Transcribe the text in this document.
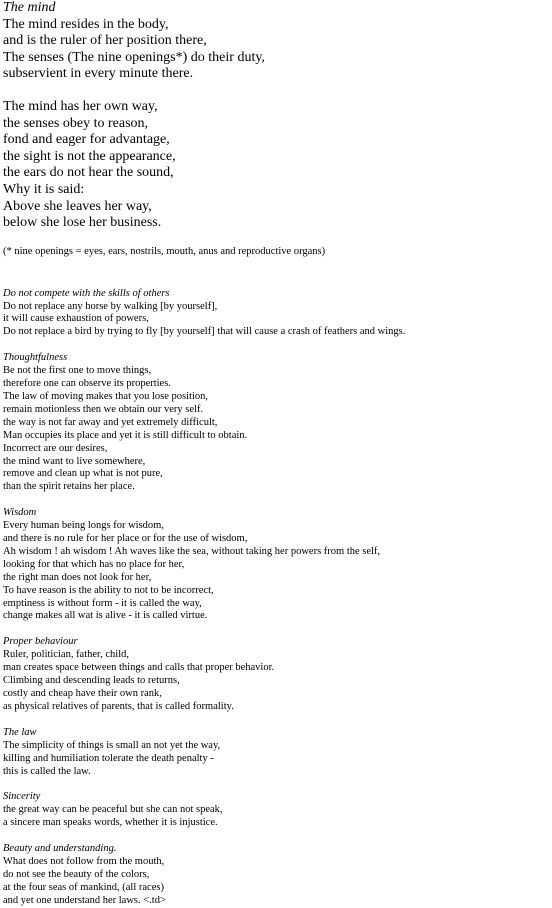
The mind
The mind resides in the body,
and is the ruler of her position there,
The senses (The nine openings*) do their duty,
subservient in every minute there.
The mind has her own way,
the senses obey to reason,
fond and eager for advantage,
the sight is not the appearance,
the ears do not hear the sound,
Why it is said:
Above she leaves her way,
below she lose her business.
(* nine openings = eyes, ears, nostrils, mouth, anus and reproductive organs)
Do not compete with the skills of others
Do not replace any horse by walking [by yourself],
it will cause exhaustion of powers,
Do not replace a bird by trying to fly [by yourself] that will cause a crash of feathers and wings.
Thoughtfulness
Be not the first one to move things,
therefore one can observe its properties.
The law of moving makes that you lose position,
remain motionless then we obtain our very self.
the way is not far away and yet extremely difficult,
Man occupies its place and yet it is still difficult to obtain.
Incorrect are our desires,
the mind want to live somewhere,
remove and clean up what is not pure,
than the spirit retains her place.
Wisdom
Every human being longs for wisdom,
and there is no rule for her place or for the use of wisdom,
Ah wisdom ! ah wisdom ! Ah waves like the sea, without taking her powers from the self,
looking for that which has no place for her,
the right man does not look for her,
To have reason is the ability to not to be incorrect,
emptiness is without form - it is called the way,
change makes all wat is alive - it is called virtue.
Proper behaviour
Ruler, politician, father, child,
man creates space between things and calls that proper behavior.
Climbing and descending leads to returns,
costly and cheap have their own rank,
as physical relatives of parents, that is called formality.
The law
The simplicity of things is small an not yet the way,
killing and humiliation tolerate the death penalty -
this is called the law.
Sincerity
the great way can be peaceful but she can not speak,
a sincere man speaks words, whether it is injustice.
Beauty and understanding.
What does not follow from the mouth,
do not see the beauty of the colors,
at the four seas of mankind, (all races)
and yet one understand her laws. <.td>
